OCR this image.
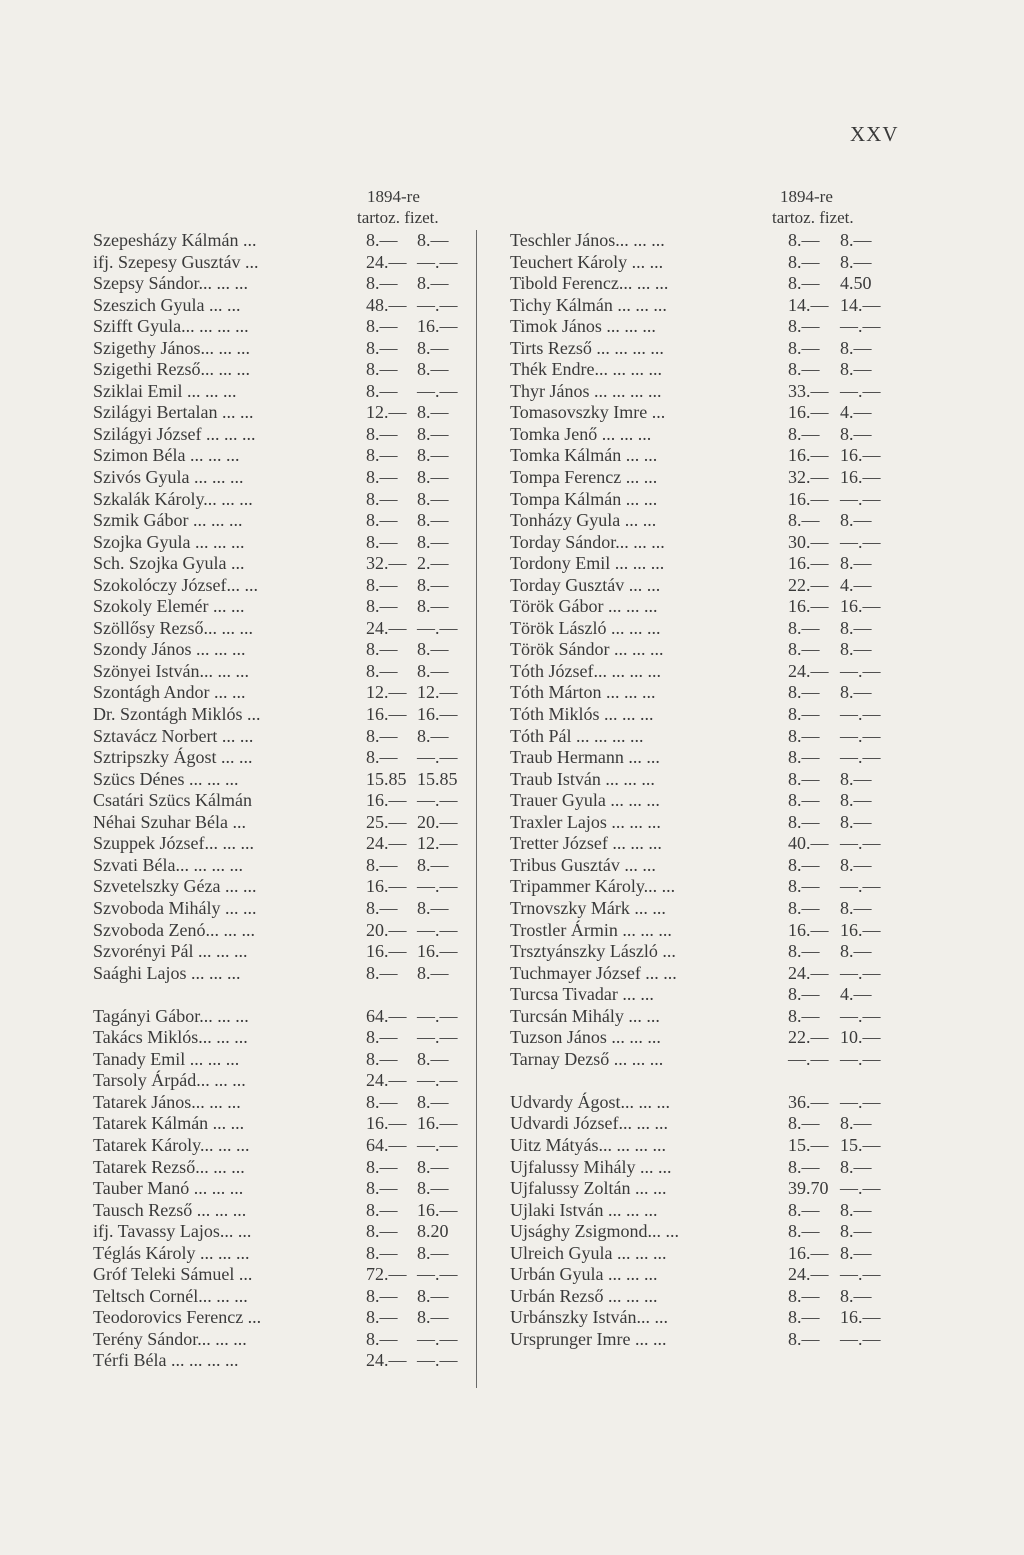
XXV
1894-re
tartoz. fizet.
Szepesházy Kálmán ...	8.— 8.—
ifj. Szepesy Gusztáv ...	24.— —.—
Szepsy Sándor... ... ...	8.— 8.—
Szeszich Gyula ... ...	48.— —.—
Szifft Gyula... ... ... ...	8.— 16.—
Szigethy János... ... ...	8.— 8.—
Szigethi Rezső... ... ...	8.— 8.—
Sziklai Emil ... ... ...	8.— —.—
Szilágyi Bertalan ... ...	12.— 8.—
Szilágyi József ... ... ...	8.— 8.—
Szimon Béla ... ... ...	8.— 8.—
Szivós Gyula ... ... ...	8.— 8.—
Szkalák Károly... ... ...	8.— 8.—
Szmik Gábor ... ... ...	8.— 8.—
Szojka Gyula ... ... ...	8.— 8.—
Sch. Szojka Gyula ...	32.— 2.—
Szokolóczy József... ...	8.— 8.—
Szokoly Elemér ... ...	8.— 8.—
Szöllősy Rezső... ... ...	24.— —.—
Szondy János ... ... ...	8.— 8.—
Szönyei István... ... ...	8.— 8.—
Szontágh Andor ... ...	12.— 12.—
Dr. Szontágh Miklós ...	16.— 16.—
Sztavácz Norbert ... ...	8.— 8.—
Sztripszky Ágost ... ...	8.— —.—
Szücs Dénes ... ... ...	15.85 15.85
Csatári Szücs Kálmán	16.— —.—
Néhai Szuhar Béla ...	25.— 20.—
Szuppek József... ... ...	24.— 12.—
Szvati Béla... ... ... ...	8.— 8.—
Szvetelszky Géza ... ...	16.— —.—
Szvoboda Mihály ... ...	8.— 8.—
Szvoboda Zenó... ... ...	20.— —.—
Szvorényi Pál ... ... ...	16.— 16.—
Saághi Lajos ... ... ...	8.— 8.—
Tagányi Gábor... ... ...	64.— —.—
Takács Miklós... ... ...	8.— —.—
Tanady Emil ... ... ...	8.— 8.—
Tarsoly Árpád... ... ...	24.— —.—
Tatarek János... ... ...	8.— 8.—
Tatarek Kálmán ... ...	16.— 16.—
Tatarek Károly... ... ...	64.— —.—
Tatarek Rezső... ... ...	8.— 8.—
Tauber Manó ... ... ...	8.— 8.—
Tausch Rezső ... ... ...	8.— 16.—
ifj. Tavassy Lajos... ...	8.— 8.20
Téglás Károly ... ... ...	8.— 8.—
Gróf Teleki Sámuel ...	72.— —.—
Teltsch Cornél... ... ...	8.— 8.—
Teodorovics Ferencz ...	8.— 8.—
Terény Sándor... ... ...	8.— —.—
Térfi Béla ... ... ... ...	24.— —.—
1894-re
tartoz. fizet.
Teschler János... ... ...	8.— 8.—
Teuchert Károly ... ...	8.— 8.—
Tibold Ferencz... ... ...	8.— 4.50
Tichy Kálmán ... ... ...	14.— 14.—
Timok János ... ... ...	8.— —.—
Tirts Rezső ... ... ... ...	8.— 8.—
Thék Endre... ... ... ...	8.— 8.—
Thyr János ... ... ... ...	33.— —.—
Tomasovszky Imre ...	16.— 4.—
Tomka Jenő ... ... ...	8.— 8.—
Tomka Kálmán ... ...	16.— 16.—
Tompa Ferencz ... ...	32.— 16.—
Tompa Kálmán ... ...	16.— —.—
Tonházy Gyula ... ...	8.— 8.—
Torday Sándor... ... ...	30.— —.—
Tordony Emil ... ... ...	16.— 8.—
Torday Gusztáv ... ...	22.— 4.—
Török Gábor ... ... ...	16.— 16.—
Török László ... ... ...	8.— 8.—
Török Sándor ... ... ...	8.— 8.—
Tóth József... ... ... ...	24.— —.—
Tóth Márton ... ... ...	8.— 8.—
Tóth Miklós ... ... ...	8.— —.—
Tóth Pál ... ... ... ...	8.— —.—
Traub Hermann ... ...	8.— —.—
Traub István ... ... ...	8.— 8.—
Trauer Gyula ... ... ...	8.— 8.—
Traxler Lajos ... ... ...	8.— 8.—
Tretter József ... ... ...	40.— —.—
Tribus Gusztáv ... ...	8.— 8.—
Tripammer Károly... ...	8.— —.—
Trnovszky Márk ... ...	8.— 8.—
Trostler Ármin ... ... ...	16.— 16.—
Trsztyánszky László ...	8.— 8.—
Tuchmayer József ... ...	24.— —.—
Turcsa Tivadar ... ...	8.— 4.—
Turcsán Mihály ... ...	8.— —.—
Tuzson János ... ... ...	22.— 10.—
Tarnay Dezső ... ... ...	—.— —.—
Udvardy Ágost... ... ...	36.— —.—
Udvardi József... ... ...	8.— 8.—
Uitz Mátyás... ... ... ...	15.— 15.—
Ujfalussy Mihály ... ...	8.— 8.—
Ujfalussy Zoltán ... ...	39.70 —.—
Ujlaki István ... ... ...	8.— 8.—
Ujsághy Zsigmond... ...	8.— 8.—
Ulreich Gyula ... ... ...	16.— 8.—
Urbán Gyula ... ... ...	24.— —.—
Urbán Rezső ... ... ...	8.— 8.—
Urbánszky István... ...	8.— 16.—
Ursprunger Imre ... ...	8.— —.—
